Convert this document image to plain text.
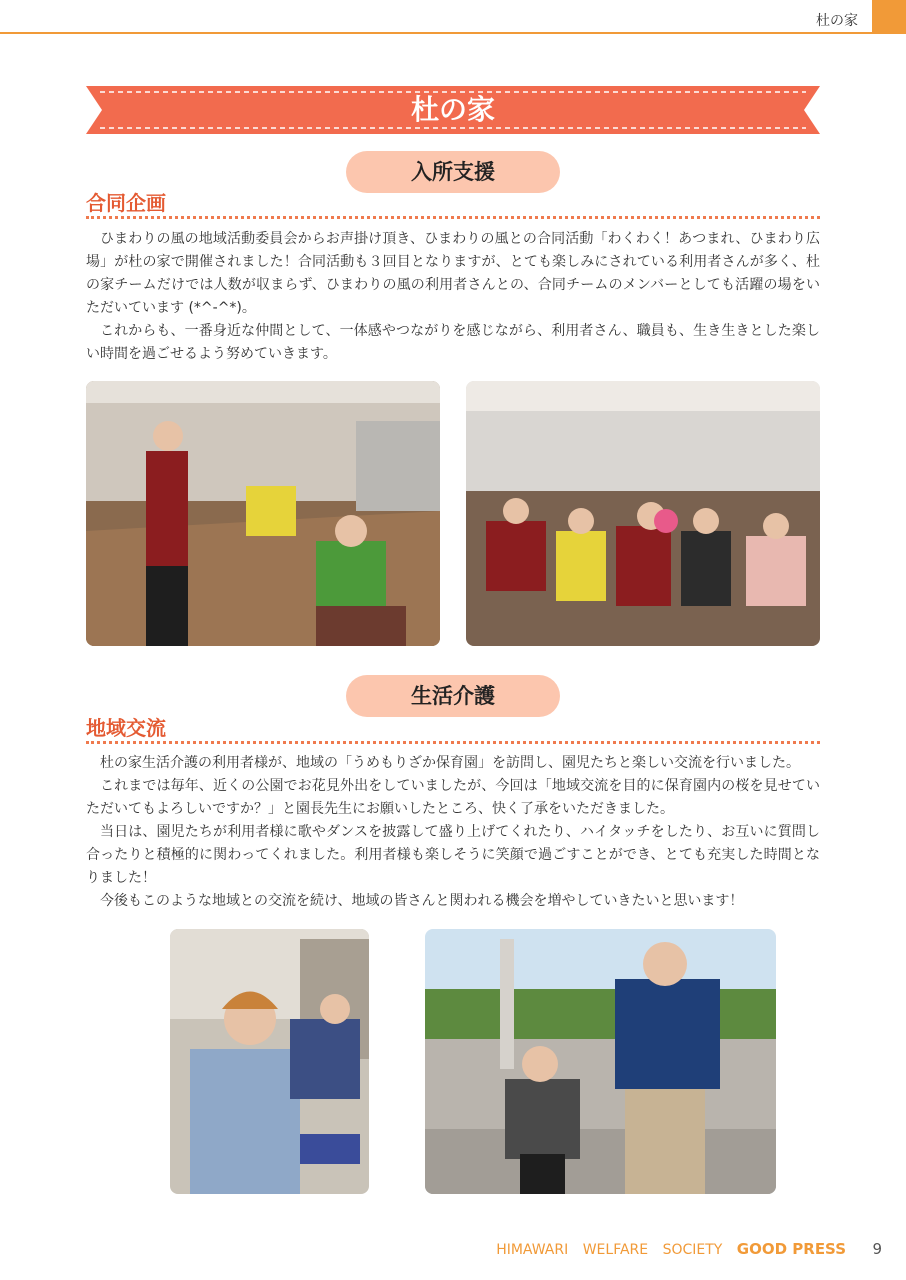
杜の家
杜の家
入所支援
合同企画

ひまわりの風の地域活動委員会からお声掛け頂き、ひまわりの風との合同活動「わくわく！あつまれ、ひまわり広場」が杜の家で開催されました！合同活動も３回目となりますが、とても楽しみにされている利用者さんが多く、杜の家チームだけでは人数が収まらず、ひまわりの風の利用者さんとの、合同チームのメンバーとしても活躍の場をいただいています (*^-^*)。

これからも、一番身近な仲間として、一体感やつながりを感じながら、利用者さん、職員も、生き生きとした楽しい時間を過ごせるよう努めていきます。

生活介護
地域交流

杜の家生活介護の利用者様が、地域の「うめもりざか保育園」を訪問し、園児たちと楽しい交流を行いました。

これまでは毎年、近くの公園でお花見外出をしていましたが、今回は「地域交流を目的に保育園内の桜を見せていただいてもよろしいですか？」と園長先生にお願いしたところ、快く了承をいただきました。

当日は、園児たちが利用者様に歌やダンスを披露して盛り上げてくれたり、ハイタッチをしたり、お互いに質問し合ったりと積極的に関わってくれました。利用者様も楽しそうに笑顔で過ごすことができ、とても充実した時間となりました！

今後もこのような地域との交流を続け、地域の皆さんと関われる機会を増やしていきたいと思います！

HIMAWARI WELFARE SOCIETY GOOD PRESS 9
